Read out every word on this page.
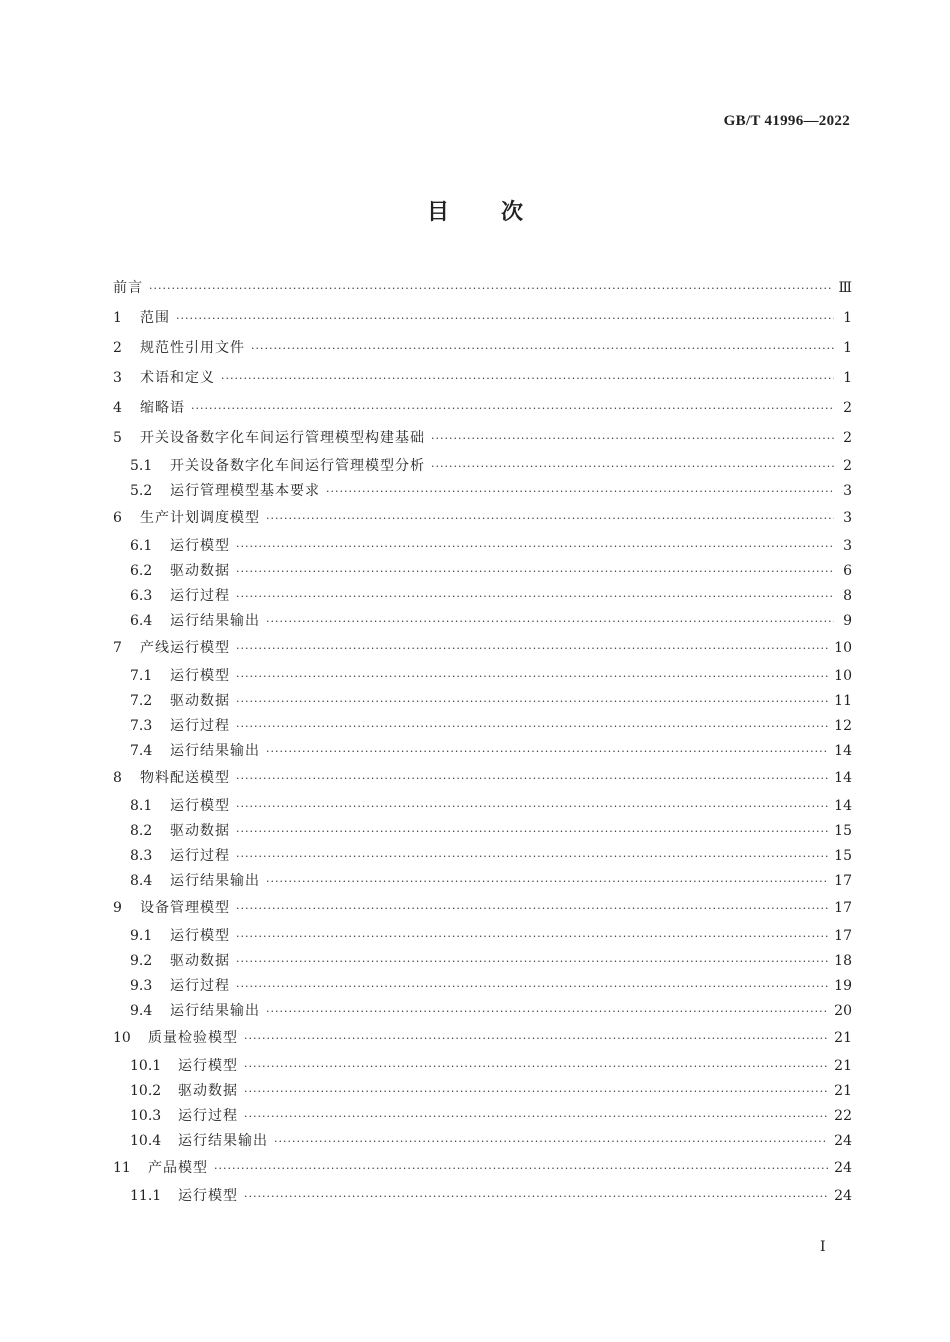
GB/T 41996—2022
目 次
前言 ·····	Ⅲ
1	范围 ·····	1
2	规范性引用文件 ·····	1
3	术语和定义 ·····	1
4	缩略语 ·····	2
5	开关设备数字化车间运行管理模型构建基础 ·····	2
5.1	开关设备数字化车间运行管理模型分析 ·····	2
5.2	运行管理模型基本要求 ·····	3
6	生产计划调度模型 ·····	3
6.1	运行模型 ·····	3
6.2	驱动数据 ·····	6
6.3	运行过程 ·····	8
6.4	运行结果输出 ·····	9
7	产线运行模型 ·····	10
7.1	运行模型 ·····	10
7.2	驱动数据 ·····	11
7.3	运行过程 ·····	12
7.4	运行结果输出 ·····	14
8	物料配送模型 ·····	14
8.1	运行模型 ·····	14
8.2	驱动数据 ·····	15
8.3	运行过程 ·····	15
8.4	运行结果输出 ·····	17
9	设备管理模型 ·····	17
9.1	运行模型 ·····	17
9.2	驱动数据 ·····	18
9.3	运行过程 ·····	19
9.4	运行结果输出 ·····	20
10	质量检验模型 ·····	21
10.1	运行模型 ·····	21
10.2	驱动数据 ·····	21
10.3	运行过程 ·····	22
10.4	运行结果输出 ·····	24
11	产品模型 ·····	24
11.1	运行模型 ·····	24
Ⅰ
